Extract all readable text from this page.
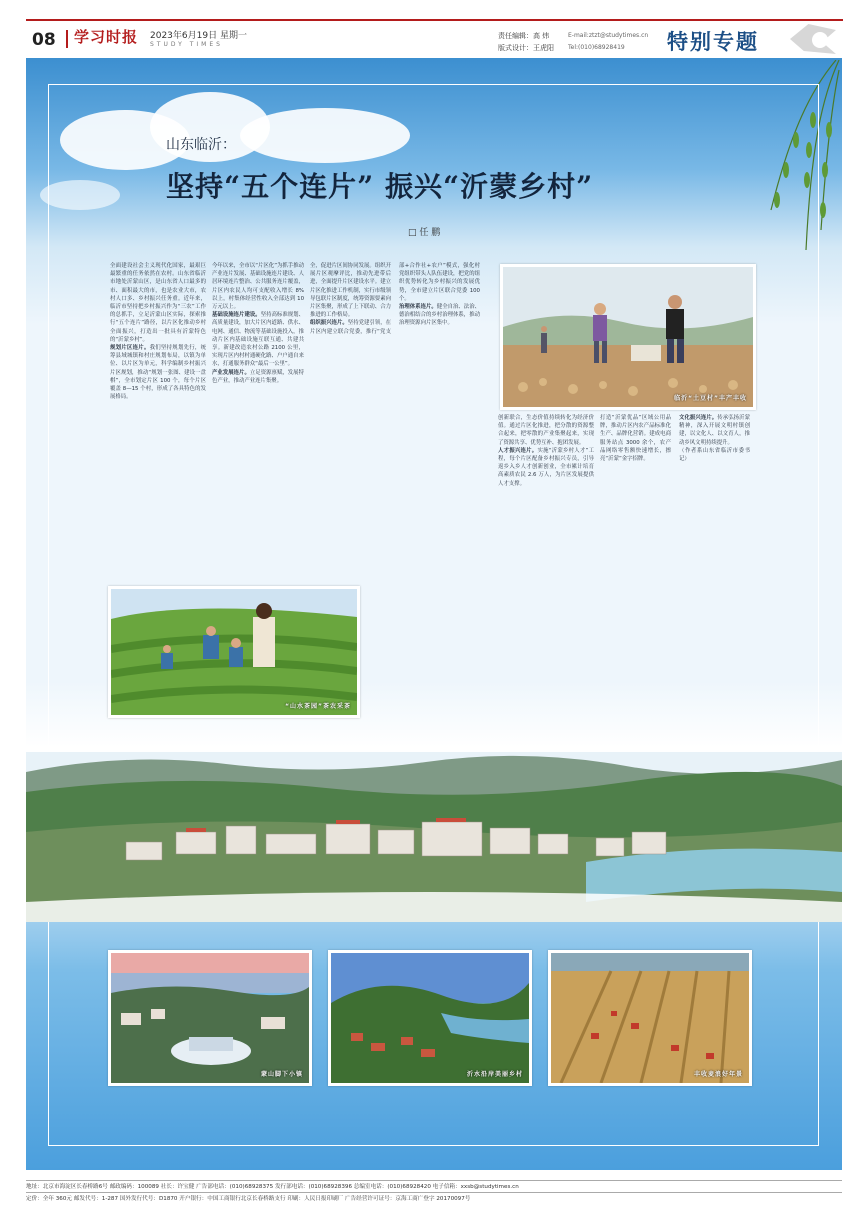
08 学习时报 2023年6月19日 星期一
STUDY TIMES
责任编辑：高 炜
版式设计：王虎阳
E-mail:ztzt@studytimes.cn
Tel:(010)68928419	特别专题
山东临沂：
坚持“五个连片” 振兴“沂蒙乡村”
□ 任 鹏
全面建设社会主义现代化国家，最艰巨最繁重的任务依然在农村。山东省临沂市地处沂蒙山区，是山东省人口最多的市、面积最大的市，也是农业大市，农村人口多、乡村振兴任务重。近年来，临沂市坚持把乡村振兴作为“三农”工作的总抓手，立足沂蒙山区实际，探索推行“五个连片”路径，以片区化推动乡村全面振兴，打造出一批具有沂蒙特色的“沂蒙乡村”。
规划片区连片。我们坚持规划先行，统筹县域城镇和村庄规划布局，以镇为单位、以片区为单元，科学编制乡村振兴片区规划，推动“规划一张图、建设一盘棋”，全市划定片区 100 个，每个片区覆盖 8—15 个村，形成了各具特色的发展格局。
今年以来，全市以“片区化”为抓手推动产业连片发展、基础设施连片建设、人居环境连片整治、公共服务连片覆盖，片区内农民人均可支配收入增长 8% 以上，村集体经营性收入全部达到 10 万元以上。
基础设施连片建设。坚持高标准规划、高质量建设，加大片区内道路、供水、电网、通信、物流等基础设施投入，推动片区内基础设施互联互通、共建共享。新建改造农村公路 2100 公里，实现片区内村村通硬化路、户户通自来水，打通服务群众“最后一公里”。
产业发展连片。立足资源禀赋，发展特色产业，推动产业连片集聚。
全，促进片区间协同发展。组织开展片区观摩评比，推动先进带后进，全面提升片区建设水平。建立片区化推进工作机制，实行市级领导包联片区制度，统筹资源要素向片区集聚，形成了上下联动、合力推进的工作格局。
组织振兴连片。坚持党建引领，在片区内建立联合党委，推行“党支部+合作社+农户”模式，强化村党组织带头人队伍建设，把党的组织优势转化为乡村振兴的发展优势，全市建立片区联合党委 100 个。
治理体系连片。健全自治、法治、德治相结合的乡村治理体系，推动治理资源向片区集中。
创新联合，生态价值持续转化为经济价值。通过片区化推进，把分散的资源整合起来，把零散的产业集聚起来，实现了资源共享、优势互补、抱团发展。
人才振兴连片。实施“沂蒙乡村人才”工程，每个片区配备乡村振兴专员，引导返乡入乡人才创新创业，全市累计培育高素质农民 2.6 万人，为片区发展提供人才支撑。
打造“沂蒙优品”区域公用品牌，推动片区内农产品标准化生产、品牌化营销。建成电商服务站点 3000 余个，农产品网络零售额快速增长，擦亮“沂蒙”金字招牌。
文化振兴连片。传承弘扬沂蒙精神，深入开展文明村镇创建，以文化人、以文育人，推动乡风文明持续提升。
（作者系山东省临沂市委书记）
临沂“土豆村”丰产丰收
“山水茶园”茶农采茶
蒙山脚下小镇	沂水沿岸美丽乡村	丰收麦浪好年景
地址：北京市海淀区长春桥路6号 邮政编码：100089 社长：许宝健 广告部电话：(010)68928375 发行部电话：(010)68928396 总编室电话：(010)68928420 电子信箱：xxsb@studytimes.cn
定价：全年 360元 邮发代号：1-287 国外发行代号：D1870 开户银行：中国工商银行北京长春桥路支行 印刷：人民日报印刷厂 广告经营许可证号：京海工商广登字 20170097号
